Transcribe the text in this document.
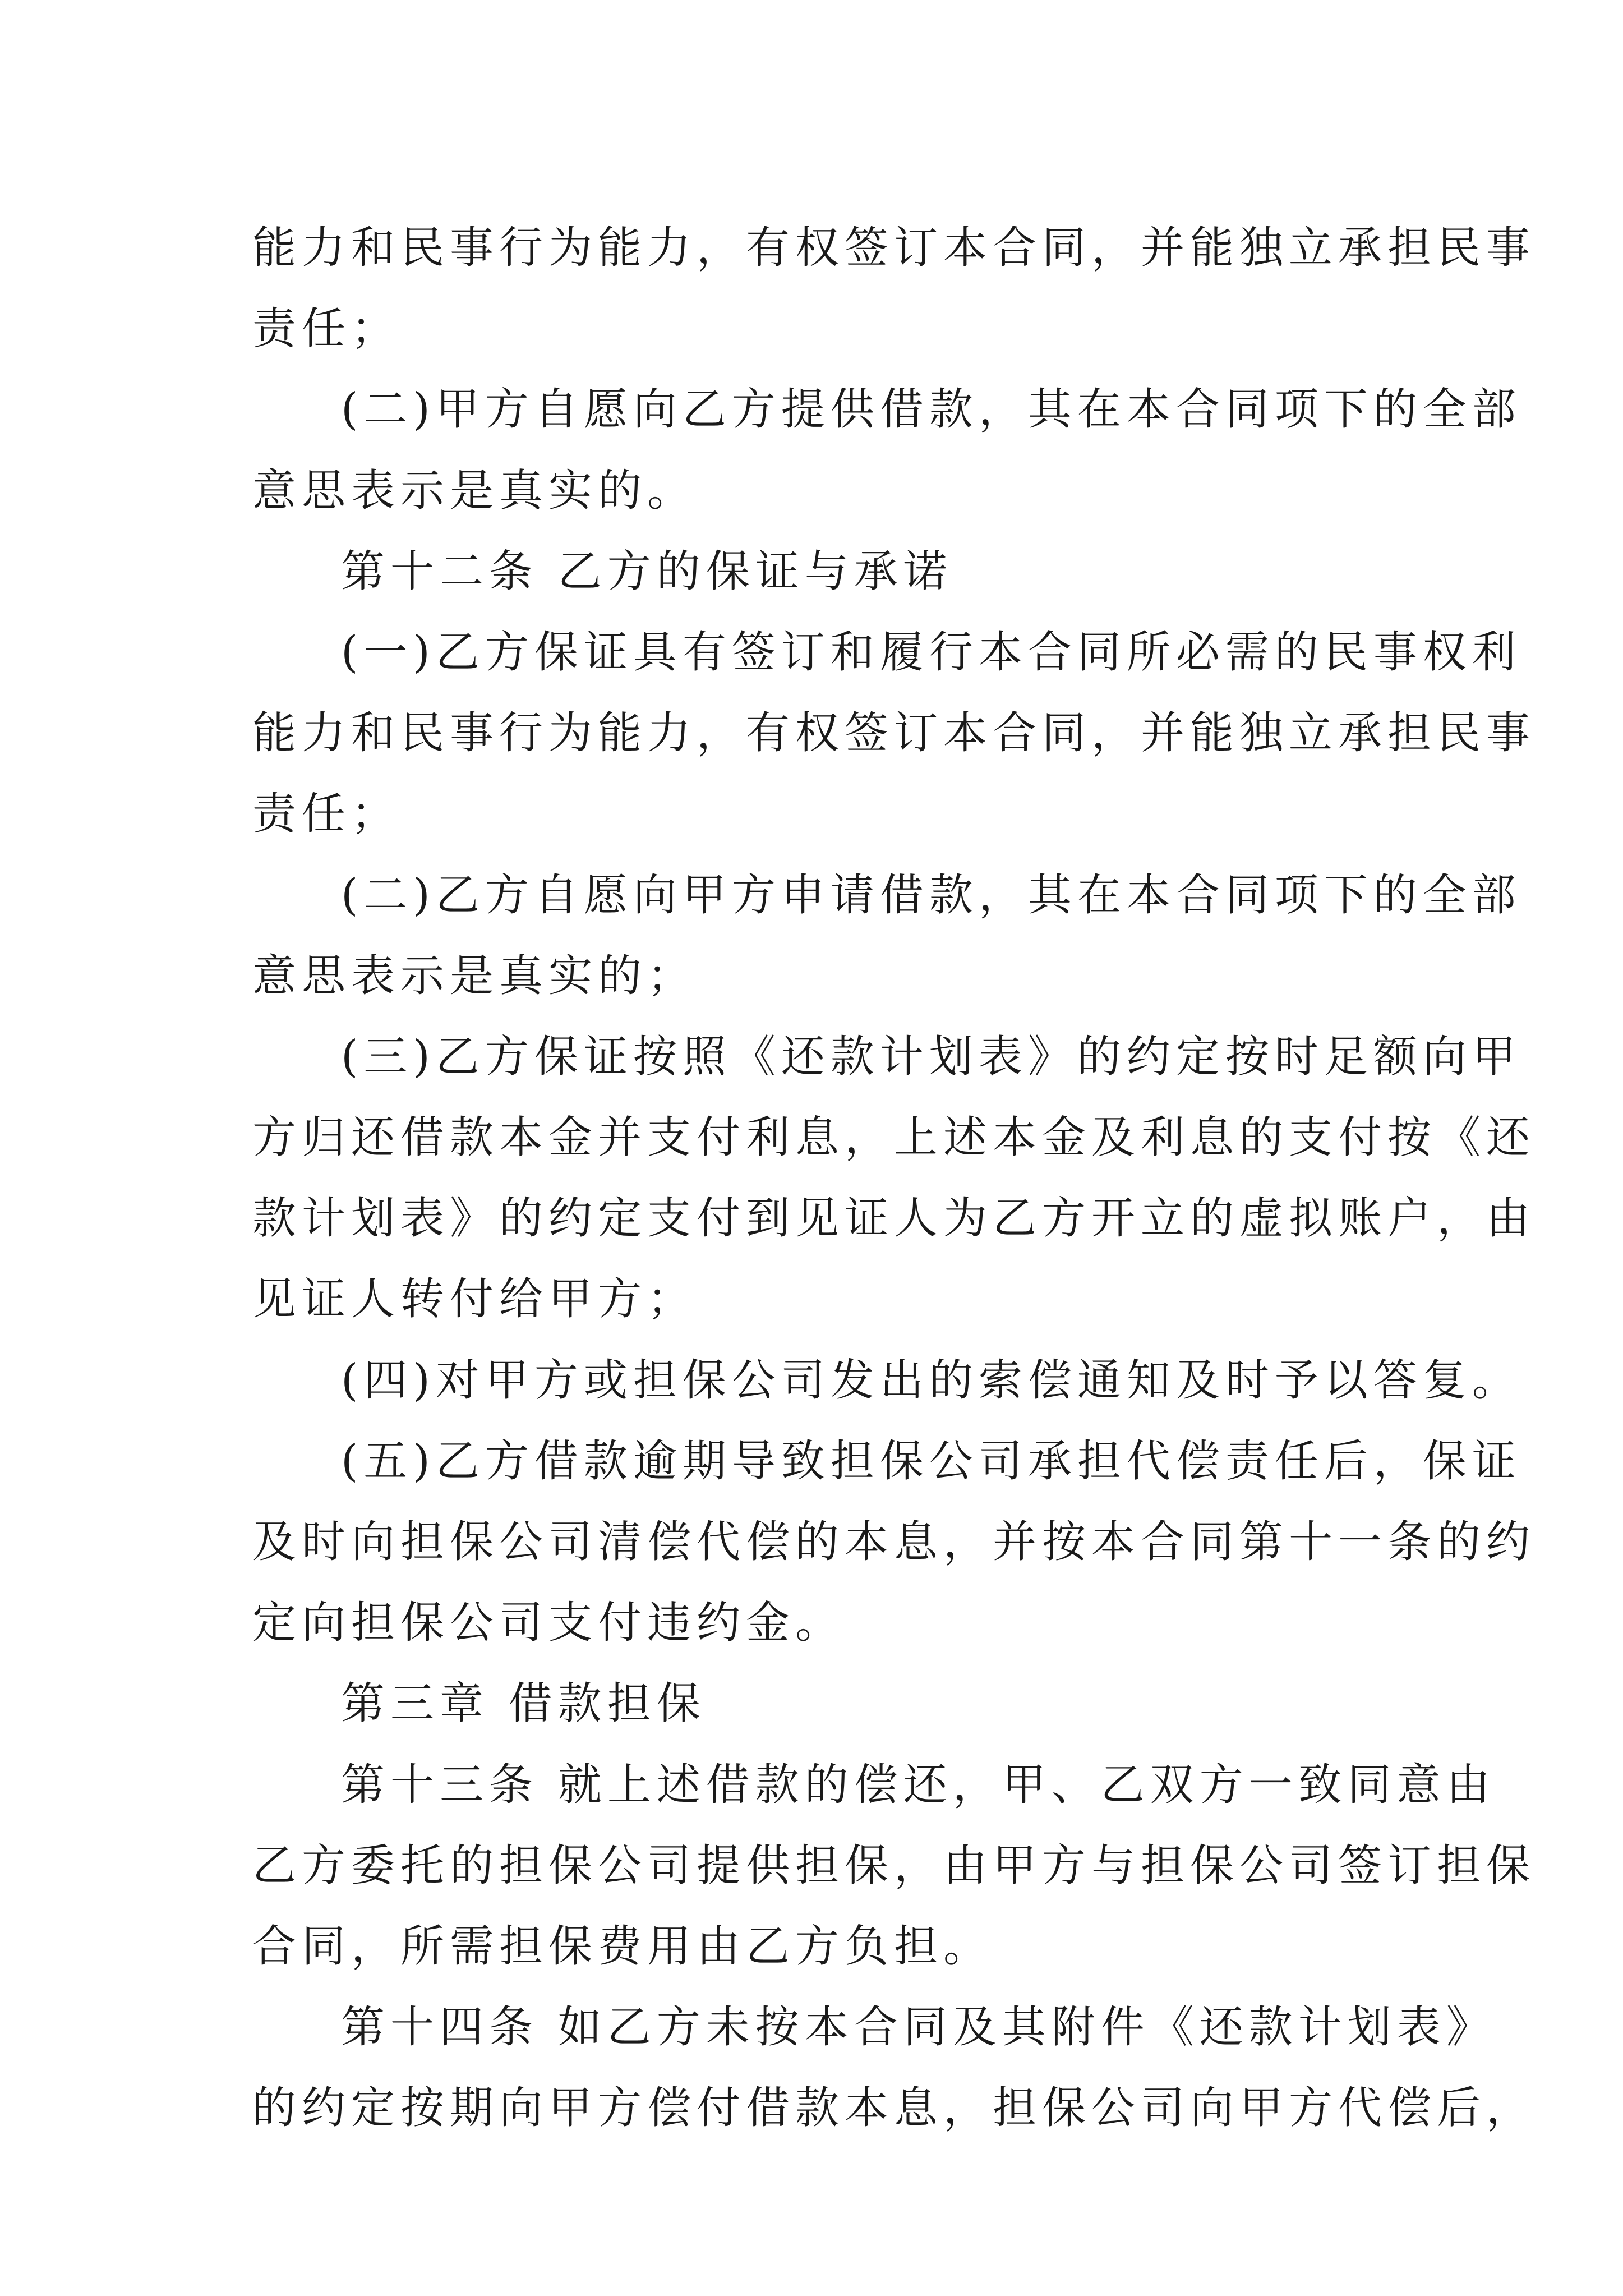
能力和民事行为能力，有权签订本合同，并能独立承担民事
责任；
(二)甲方自愿向乙方提供借款，其在本合同项下的全部
意思表示是真实的。
第十二条 乙方的保证与承诺
(一)乙方保证具有签订和履行本合同所必需的民事权利
能力和民事行为能力，有权签订本合同，并能独立承担民事
责任；
(二)乙方自愿向甲方申请借款，其在本合同项下的全部
意思表示是真实的；
(三)乙方保证按照《还款计划表》的约定按时足额向甲
方归还借款本金并支付利息，上述本金及利息的支付按《还
款计划表》的约定支付到见证人为乙方开立的虚拟账户，由
见证人转付给甲方；
(四)对甲方或担保公司发出的索偿通知及时予以答复。
(五)乙方借款逾期导致担保公司承担代偿责任后，保证
及时向担保公司清偿代偿的本息，并按本合同第十一条的约
定向担保公司支付违约金。
第三章 借款担保
第十三条 就上述借款的偿还，甲、乙双方一致同意由
乙方委托的担保公司提供担保，由甲方与担保公司签订担保
合同，所需担保费用由乙方负担。
第十四条 如乙方未按本合同及其附件《还款计划表》
的约定按期向甲方偿付借款本息，担保公司向甲方代偿后，
